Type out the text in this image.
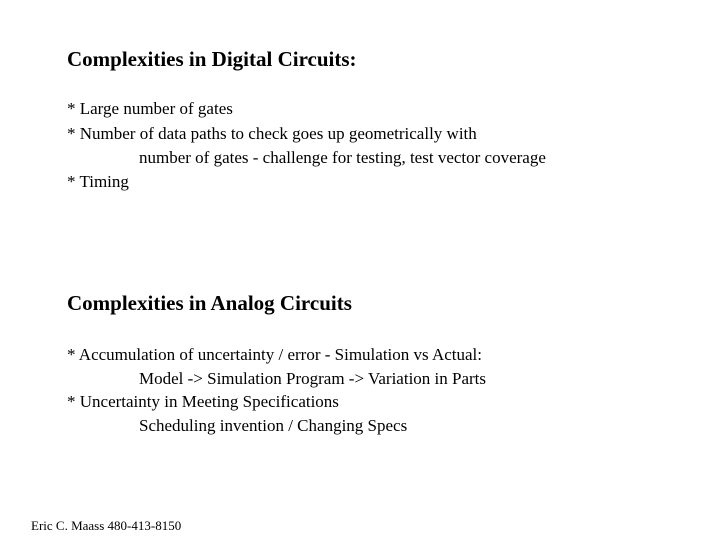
Complexities in Digital Circuits:
* Large number of gates
* Number of data paths to check goes up geometrically with
number of gates - challenge for testing, test vector coverage
* Timing
Complexities in Analog Circuits
* Accumulation of uncertainty / error - Simulation vs Actual:
Model -> Simulation Program -> Variation in Parts
* Uncertainty in Meeting Specifications
Scheduling invention / Changing Specs
Eric C. Maass 480-413-8150
